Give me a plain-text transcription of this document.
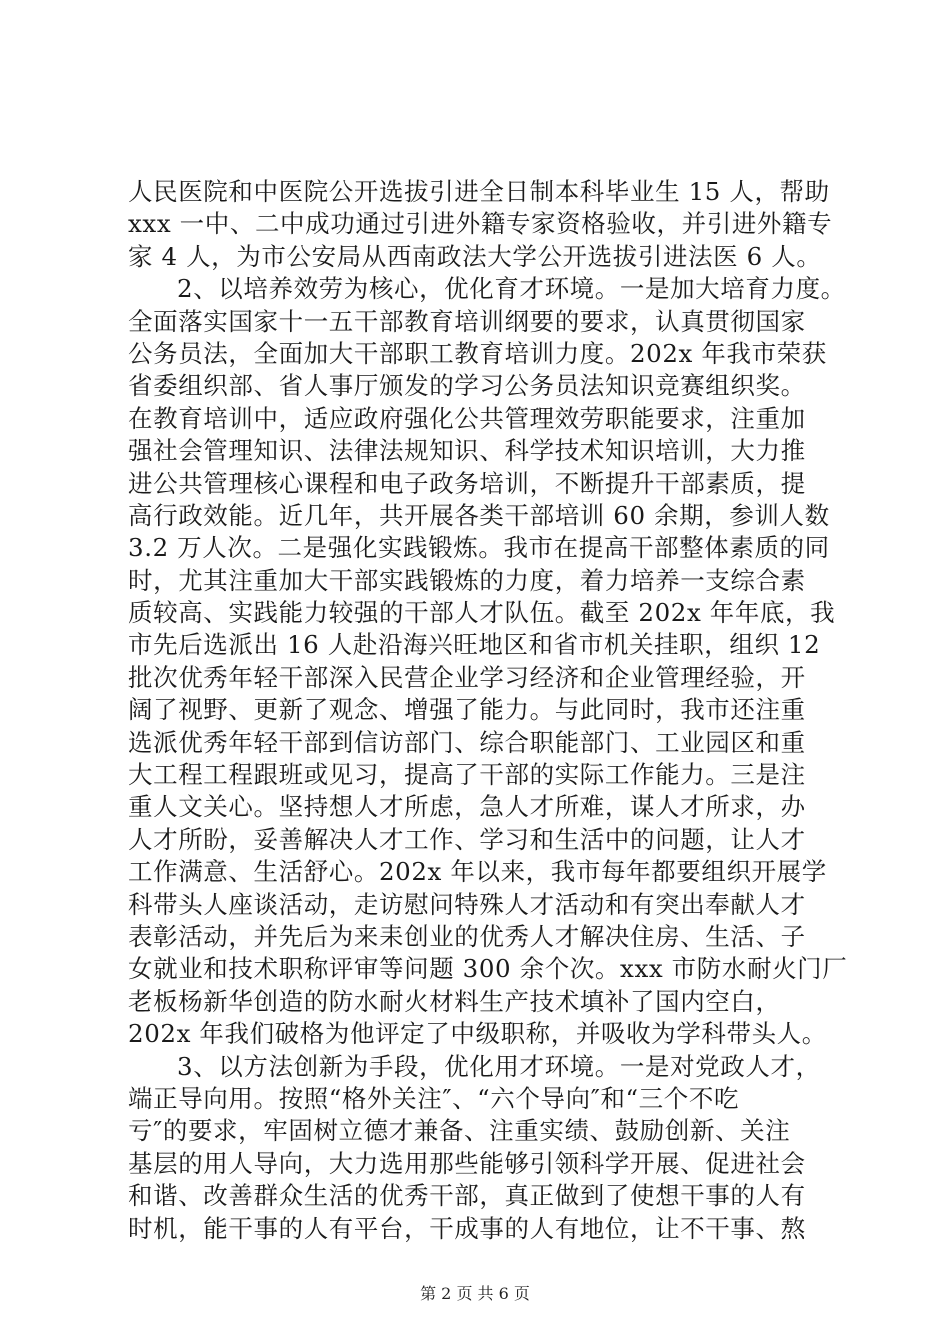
人民医院和中医院公开选拔引进全日制本科毕业生 15 人，帮助
xxx 一中、二中成功通过引进外籍专家资格验收，并引进外籍专
家 4 人，为市公安局从西南政法大学公开选拔引进法医 6 人。
2、以培养效劳为核心，优化育才环境。一是加大培育力度。
全面落实国家十一五干部教育培训纲要的要求，认真贯彻国家
公务员法，全面加大干部职工教育培训力度。202x 年我市荣获
省委组织部、省人事厅颁发的学习公务员法知识竞赛组织奖。
在教育培训中，适应政府强化公共管理效劳职能要求，注重加
强社会管理知识、法律法规知识、科学技术知识培训，大力推
进公共管理核心课程和电子政务培训，不断提升干部素质，提
高行政效能。近几年，共开展各类干部培训 60 余期，参训人数
3.2 万人次。二是强化实践锻炼。我市在提高干部整体素质的同
时，尤其注重加大干部实践锻炼的力度，着力培养一支综合素
质较高、实践能力较强的干部人才队伍。截至 202x 年年底，我
市先后选派出 16 人赴沿海兴旺地区和省市机关挂职，组织 12
批次优秀年轻干部深入民营企业学习经济和企业管理经验，开
阔了视野、更新了观念、增强了能力。与此同时，我市还注重
选派优秀年轻干部到信访部门、综合职能部门、工业园区和重
大工程工程跟班或见习，提高了干部的实际工作能力。三是注
重人文关心。坚持想人才所虑，急人才所难，谋人才所求，办
人才所盼，妥善解决人才工作、学习和生活中的问题，让人才
工作满意、生活舒心。202x 年以来，我市每年都要组织开展学
科带头人座谈活动，走访慰问特殊人才活动和有突出奉献人才
表彰活动，并先后为来耒创业的优秀人才解决住房、生活、子
女就业和技术职称评审等问题 300 余个次。xxx 市防水耐火门厂
老板杨新华创造的防水耐火材料生产技术填补了国内空白，
202x 年我们破格为他评定了中级职称，并吸收为学科带头人。
3、以方法创新为手段，优化用才环境。一是对党政人才，
端正导向用。按照“格外关注″、“六个导向″和“三个不吃
亏″的要求，牢固树立德才兼备、注重实绩、鼓励创新、关注
基层的用人导向，大力选用那些能够引领科学开展、促进社会
和谐、改善群众生活的优秀干部，真正做到了使想干事的人有
时机，能干事的人有平台，干成事的人有地位，让不干事、熬
第 2 页 共 6 页
